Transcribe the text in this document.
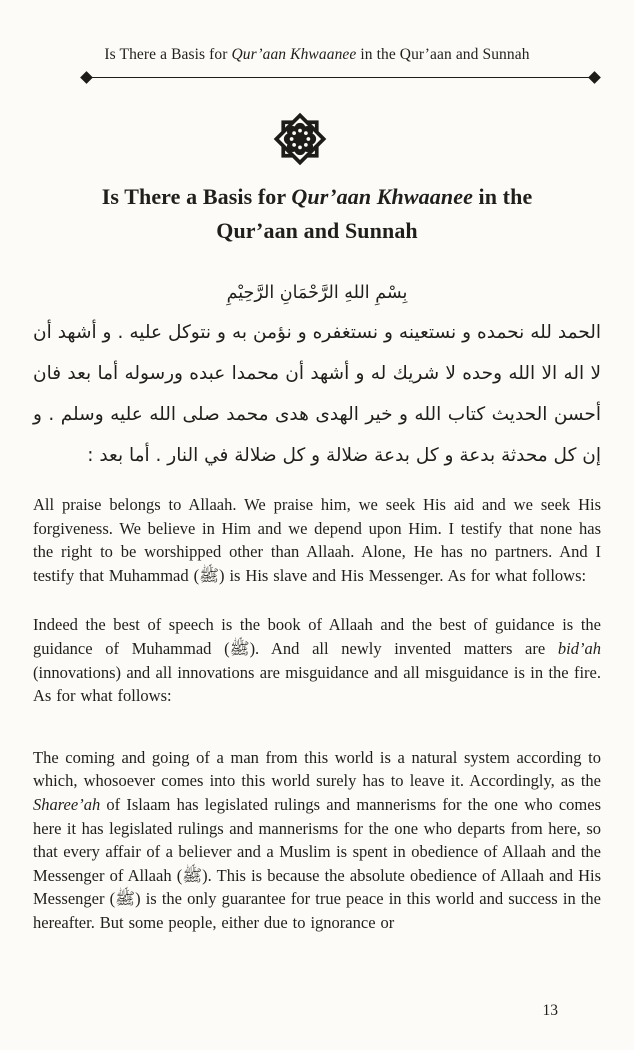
Is There a Basis for Qur’aan Khwaanee in the Qur’aan and Sunnah
Is There a Basis for Qur’aan Khwaanee in the
Qur’aan and Sunnah
بِسْمِ اللهِ الرَّحْمَانِ الرَّحِيْمِ
الحمد لله نحمده و نستعينه و نستغفره و نؤمن به و نتوكل عليه . و أشهد أن لا اله الا الله وحده لا شريك له و أشهد أن محمدا عبده ورسوله أما بعد فان أحسن الحديث كتاب الله و خير الهدى هدى محمد صلى الله عليه وسلم . و إن كل محدثة بدعة و كل بدعة ضلالة و كل ضلالة في النار . أما بعد :

All praise belongs to Allaah. We praise him, we seek His aid and we seek His forgiveness. We believe in Him and we depend upon Him. I testify that none has the right to be worshipped other than Allaah. Alone, He has no partners. And I testify that Muhammad (ﷺ) is His slave and His Messenger. As for what follows:

Indeed the best of speech is the book of Allaah and the best of guidance is the guidance of Muhammad (ﷺ). And all newly invented matters are bid’ah (innovations) and all innovations are misguidance and all misguidance is in the fire. As for what follows:

The coming and going of a man from this world is a natural system according to which, whosoever comes into this world surely has to leave it. Accordingly, as the Sharee’ah of Islaam has legislated rulings and mannerisms for the one who comes here it has legislated rulings and mannerisms for the one who departs from here, so that every affair of a believer and a Muslim is spent in obedience of Allaah and the Messenger of Allaah (ﷺ). This is because the absolute obedience of Allaah and His Messenger (ﷺ) is the only guarantee for true peace in this world and success in the hereafter. But some people, either due to ignorance or

13
